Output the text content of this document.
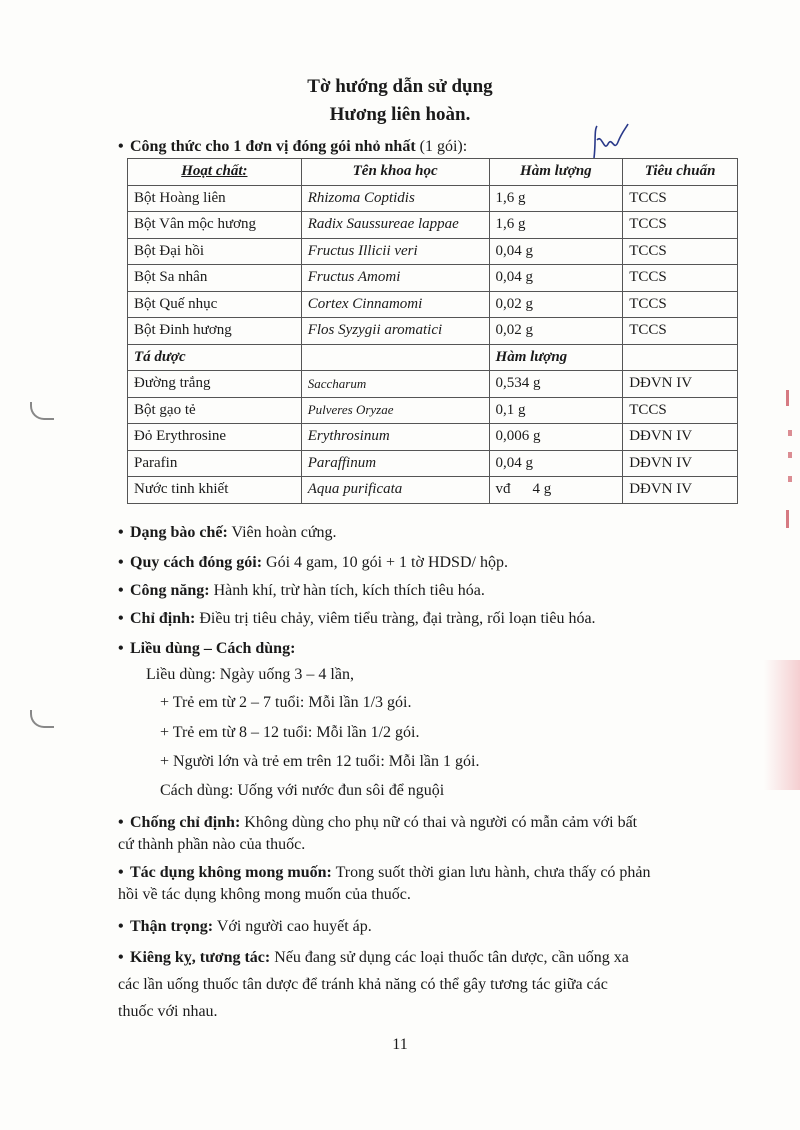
Tờ hướng dẫn sử dụng
Hương liên hoàn.
• Công thức cho 1 đơn vị đóng gói nhỏ nhất (1 gói):
Hoạt chất:	Tên khoa học	Hàm lượng	Tiêu chuẩn
Bột Hoàng liên	Rhizoma Coptidis	1,6 g	TCCS
Bột Vân mộc hương	Radix Saussureae lappae	1,6 g	TCCS
Bột Đại hồi	Fructus Illicii veri	0,04 g	TCCS
Bột Sa nhân	Fructus Amomi	0,04 g	TCCS
Bột Quế nhục	Cortex Cinnamomi	0,02 g	TCCS
Bột Đinh hương	Flos Syzygii aromatici	0,02 g	TCCS
Tá dược		Hàm lượng	
Đường trắng	Saccharum	0,534 g	DĐVN IV
Bột gạo tẻ	Pulveres Oryzae	0,1 g	TCCS
Đỏ Erythrosine	Erythrosinum	0,006 g	DĐVN IV
Parafin	Paraffinum	0,04 g	DĐVN IV
Nước tinh khiết	Aqua purificata	vđ 4 g	DĐVN IV
• Dạng bào chế: Viên hoàn cứng.
• Quy cách đóng gói: Gói 4 gam, 10 gói + 1 tờ HDSD/ hộp.
• Công năng: Hành khí, trừ hàn tích, kích thích tiêu hóa.
• Chỉ định: Điều trị tiêu chảy, viêm tiểu tràng, đại tràng, rối loạn tiêu hóa.
• Liều dùng – Cách dùng:
Liều dùng: Ngày uống 3 – 4 lần,
+ Trẻ em từ 2 – 7 tuổi: Mỗi lần 1/3 gói.
+ Trẻ em từ 8 – 12 tuổi: Mỗi lần 1/2 gói.
+ Người lớn và trẻ em trên 12 tuổi: Mỗi lần 1 gói.
Cách dùng: Uống với nước đun sôi để nguội
• Chống chỉ định: Không dùng cho phụ nữ có thai và người có mẫn cảm với bất
cứ thành phần nào của thuốc.
• Tác dụng không mong muốn: Trong suốt thời gian lưu hành, chưa thấy có phản
hồi về tác dụng không mong muốn của thuốc.
• Thận trọng: Với người cao huyết áp.
• Kiêng kỵ, tương tác: Nếu đang sử dụng các loại thuốc tân dược, cần uống xa
các lần uống thuốc tân dược để tránh khả năng có thể gây tương tác giữa các
thuốc với nhau.
11
